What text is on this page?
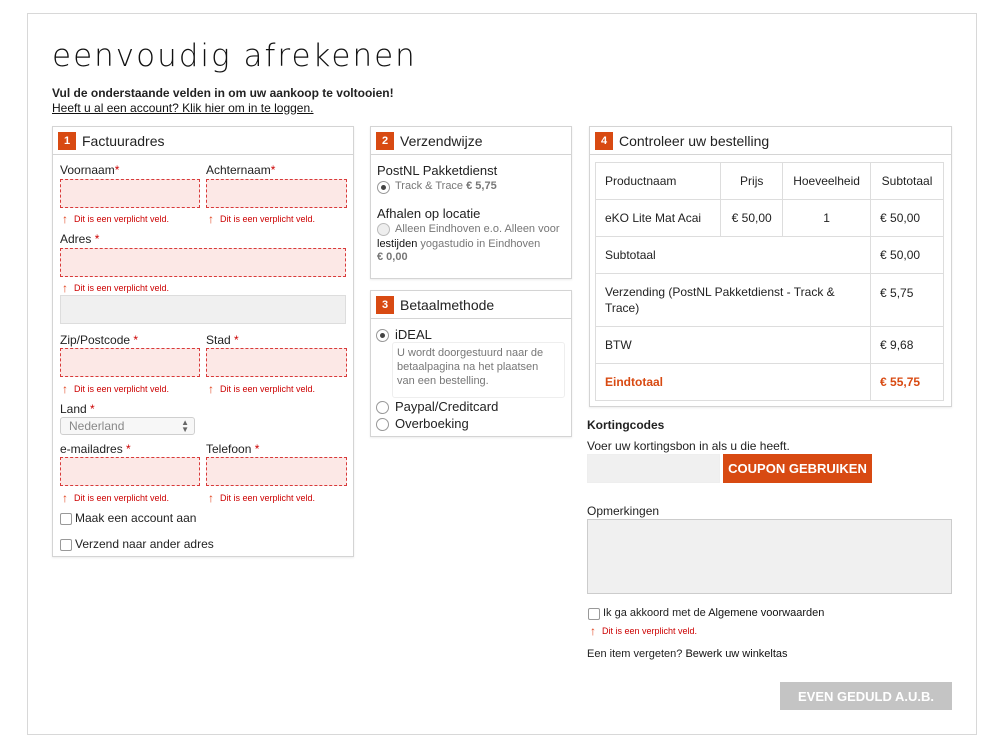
eenvoudig afrekenen
Vul de onderstaande velden in om uw aankoop te voltooien!
Heeft u al een account? Klik hier om in te loggen.
1 Factuuradres
Voornaam*	Achternaam*
↑ Dit is een verplicht veld.	↑ Dit is een verplicht veld.
Adres *
↑ Dit is een verplicht veld.
Zip/Postcode *	Stad *
↑ Dit is een verplicht veld.	↑ Dit is een verplicht veld.
Land *
Nederland	▲
▼
e-mailadres *	Telefoon *
↑ Dit is een verplicht veld.	↑ Dit is een verplicht veld.
Maak een account aan
Verzend naar ander adres
2 Verzendwijze
PostNL Pakketdienst
Track & Trace € 5,75
Afhalen op locatie
Alleen Eindhoven e.o. Alleen voor
lestijden yogastudio in Eindhoven
€ 0,00
3 Betaalmethode
iDEAL
U wordt doorgestuurd naar de betaalpagina na het plaatsen van een bestelling.
Paypal/Creditcard
Overboeking
4 Controleer uw bestelling
Productnaam	Prijs	Hoeveelheid	Subtotaal
eKO Lite Mat Acai	€ 50,00	1	€ 50,00
Subtotaal			€ 50,00
Verzending (PostNL Pakketdienst - Track & Trace)			€ 5,75
BTW			€ 9,68
Eindtotaal			€ 55,75
Kortingcodes
Voer uw kortingsbon in als u die heeft.
COUPON GEBRUIKEN
Opmerkingen
Ik ga akkoord met de Algemene voorwaarden
↑ Dit is een verplicht veld.
Een item vergeten? Bewerk uw winkeltas
EVEN GEDULD A.U.B.
